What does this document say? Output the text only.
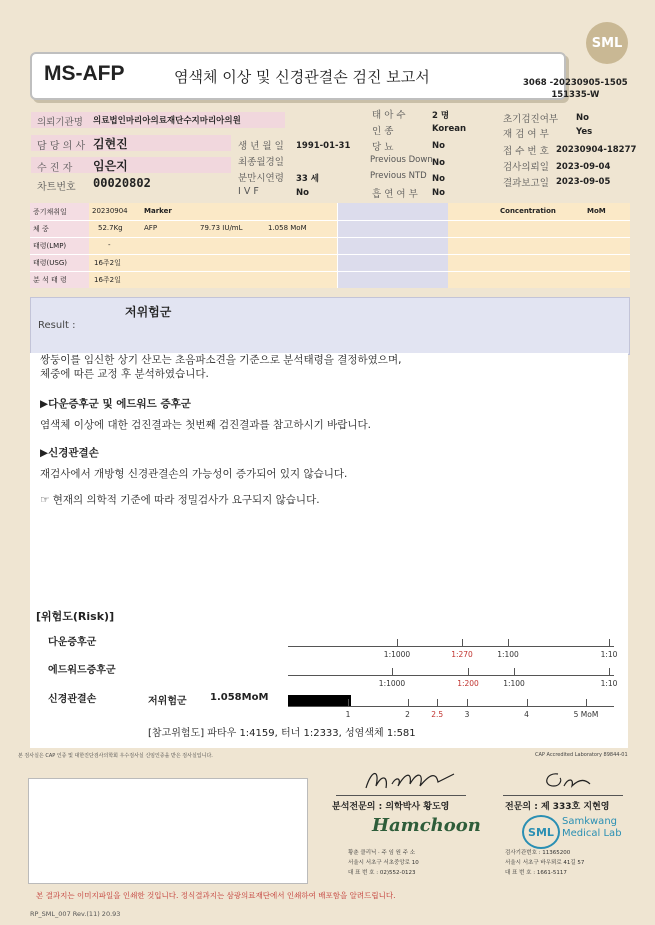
SML
MS-AFP	염색체 이상 및 신경관결손 검진 보고서	3068 -20230905-1505
151335-W
의뢰기관명 의료법인마리아의료재단수지마리아의원
담 당 의 사 김현진
수 진 자 임은지
차트번호 00020802
생 년 월 일 1991-01-31
최종월경일
분만시연령 33 세
I V F	No
태 아 수	2 명
인 종	Korean
당 뇨	No
Previous Down No
Previous NTD No
흡 연 여 부 No
초기검진여부 No
재 검 여 부	Yes
접 수 번 호 20230904-18277
검사의뢰일 2023-09-04
결과보고일 2023-09-05
증기채취일	20230904
체 중	52.7Kg
태령(LMP)	-
태령(USG)	16주2일
분 석 태 령	16주2일
Marker	Concentration	MoM
AFP	79.73 IU/mL	1.058 MoM
Result :
저위험군
쌍둥이를 임신한 상기 산모는 초음파소견을 기준으로 분석태령을 결정하였으며,
체중에 따른 교정 후 분석하였습니다.
▶다운증후군 및 에드워드 증후군
염색체 이상에 대한 검진결과는 첫번째 검진결과를 참고하시기 바랍니다.
▶신경관결손
재검사에서 개방형 신경관결손의 가능성이 증가되어 있지 않습니다.
☞ 현재의 의학적 기준에 따라 정밀검사가 요구되지 않습니다.
[위험도(Risk)]
다운증후군
에드워드증후군
신경관결손	저위험군 1.058MoM
[참고위험도] 파타우 1:4159, 터너 1:2333, 성염색체 1:581
1:1000	1:270	1:100	1:10
1:1000	1:200	1:100	1:10
1	2	2.5	3	4	5 MoM
본 검사실은 CAP 인증 및 대한진단검사의학회 우수검사실 신임인증을 받은 검사실입니다.	CAP Accredited Laboratory 89844-01
분석전문의 : 의학박사 황도영	전문의 : 제 333호 지현영
Hamchoon
황춘 클리닉 · 주 임 원 주 소
서울시 서초구 서초중앙로 10
대 표 번 호 : 02)552-0123
SML
Samkwang
Medical Lab
검사기관번호 : 11365200
서울시 서초구 바우뫼로 41길 57
대 표 번 호 : 1661-5117
본 결과지는 이미지파일을 인쇄한 것입니다. 정식결과지는 삼광의료재단에서 인쇄하여 배포함을 알려드립니다.
RP_SML_007 Rev.(11) 20.93
